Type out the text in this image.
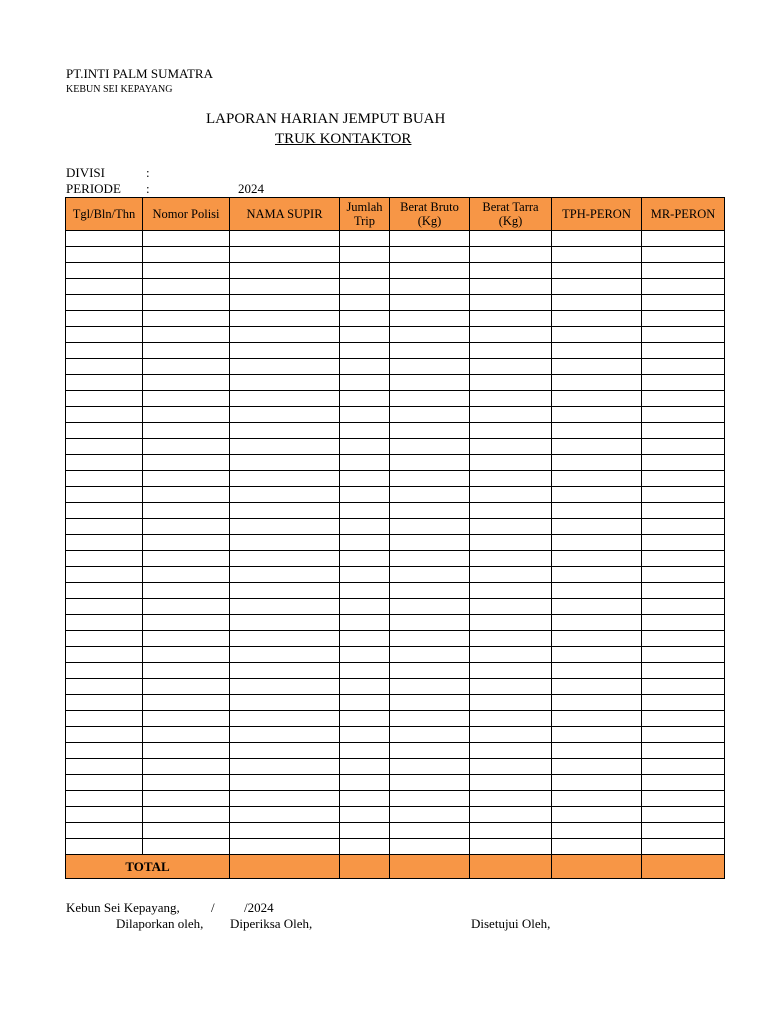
PT.INTI PALM SUMATRA
KEBUN SEI KEPAYANG
LAPORAN HARIAN JEMPUT BUAH
TRUK KONTAKTOR
DIVISI	:
PERIODE :	2024
Tgl/Bln/Thn	Nomor Polisi	NAMA SUPIR	Jumlah Trip	Berat Bruto (Kg)	Berat Tarra (Kg)	TPH-PERON	MR-PERON

TOTAL							
Kebun Sei Kepayang, / /2024
Dilaporkan oleh, Diperiksa Oleh,	Disetujui Oleh,
